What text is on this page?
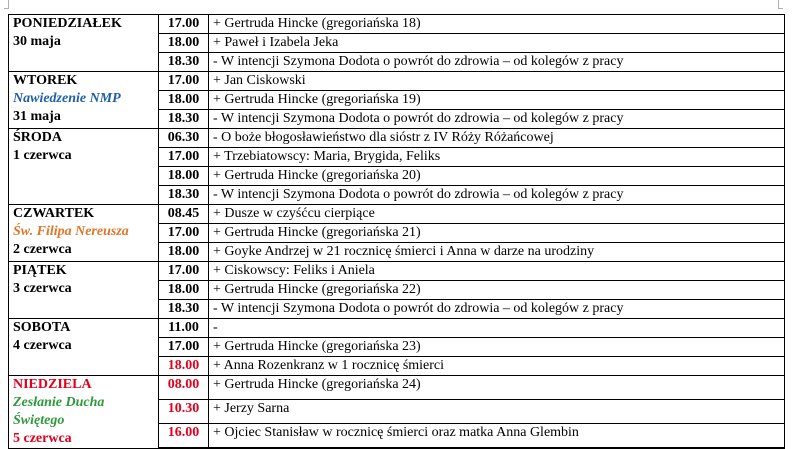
PONIEDZIAŁEK
30 maja	17.00	+ Gertruda Hincke (gregoriańska 18)
	18.00	+ Paweł i Izabela Jeka
	18.30	- W intencji Szymona Dodota o powrót do zdrowia – od kolegów z pracy

WTOREK
Nawiedzenie NMP
31 maja	17.00	+ Jan Ciskowski
	18.00	+ Gertruda Hincke (gregoriańska 19)
	18.30	- W intencji Szymona Dodota o powrót do zdrowia – od kolegów z pracy

ŚRODA
1 czerwca	06.30	- O boże błogosławieństwo dla sióstr z IV Róży Różańcowej
	17.00	+ Trzebiatowscy: Maria, Brygida, Feliks
	18.00	+ Gertruda Hincke (gregoriańska 20)
	18.30	- W intencji Szymona Dodota o powrót do zdrowia – od kolegów z pracy

CZWARTEK
Św. Filipa Nereusza
2 czerwca	08.45	+ Dusze w czyśćcu cierpiące
	17.00	+ Gertruda Hincke (gregoriańska 21)
	18.00	+ Goyke Andrzej w 21 rocznicę śmierci i Anna w darze na urodziny

PIĄTEK
3 czerwca	17.00	+ Ciskowscy: Feliks i Aniela
	18.00	+ Gertruda Hincke (gregoriańska 22)
	18.30	- W intencji Szymona Dodota o powrót do zdrowia – od kolegów z pracy

SOBOTA
4 czerwca	11.00	-
	17.00	+ Gertruda Hincke (gregoriańska 23)
	18.00	+ Anna Rozenkranz w 1 rocznicę śmierci

NIEDZIELA
Zesłanie Ducha
Świętego
5 czerwca	08.00	+ Gertruda Hincke (gregoriańska 24)
	10.30	+ Jerzy Sarna
	16.00	+ Ojciec Stanisław w rocznicę śmierci oraz matka Anna Glembin
